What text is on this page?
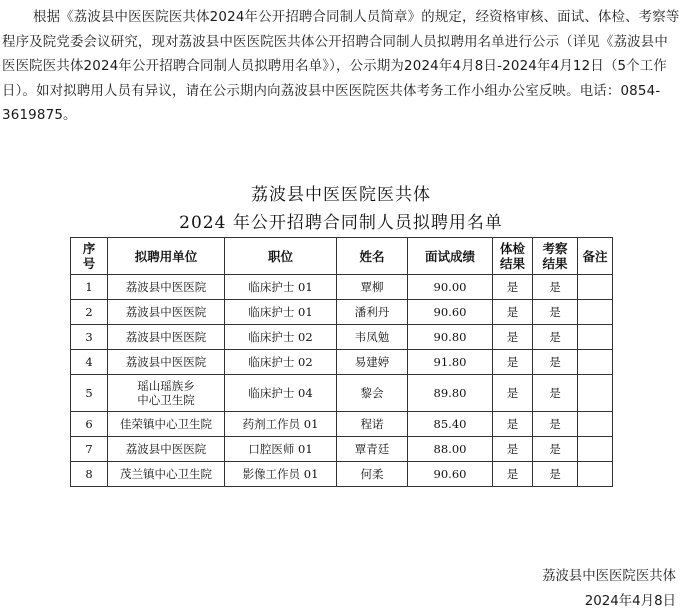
根据《荔波县中医医院医共体2024年公开招聘合同制人员简章》的规定，经资格审核、面试、体检、考察等程序及院党委会议研究，现对荔波县中医医院医共体公开招聘合同制人员拟聘用名单进行公示（详见《荔波县中医医院医共体2024年公开招聘合同制人员拟聘用名单》），公示期为2024年4月8日-2024年4月12日（5个工作日）。如对拟聘用人员有异议，请在公示期内向荔波县中医医院医共体考务工作小组办公室反映。电话：0854-3619875。

荔波县中医医院医共体
2024 年公开招聘合同制人员拟聘用名单
序号	拟聘用单位	职位	姓名	面试成绩	体检结果	考察结果	备注
1	荔波县中医医院	临床护士 01	覃柳	90.00	是	是	
2	荔波县中医医院	临床护士 01	潘利丹	90.60	是	是	
3	荔波县中医医院	临床护士 02	韦凤勉	90.80	是	是	
4	荔波县中医医院	临床护士 02	易建婷	91.80	是	是	
5	瑶山瑶族乡
中心卫生院	临床护士 04	黎会	89.80	是	是	
6	佳荣镇中心卫生院	药剂工作员 01	程诺	85.40	是	是	
7	荔波县中医医院	口腔医师 01	覃青廷	88.00	是	是	
8	茂兰镇中心卫生院	影像工作员 01	何柔	90.60	是	是	
荔波县中医医院医共体
2024年4月8日
